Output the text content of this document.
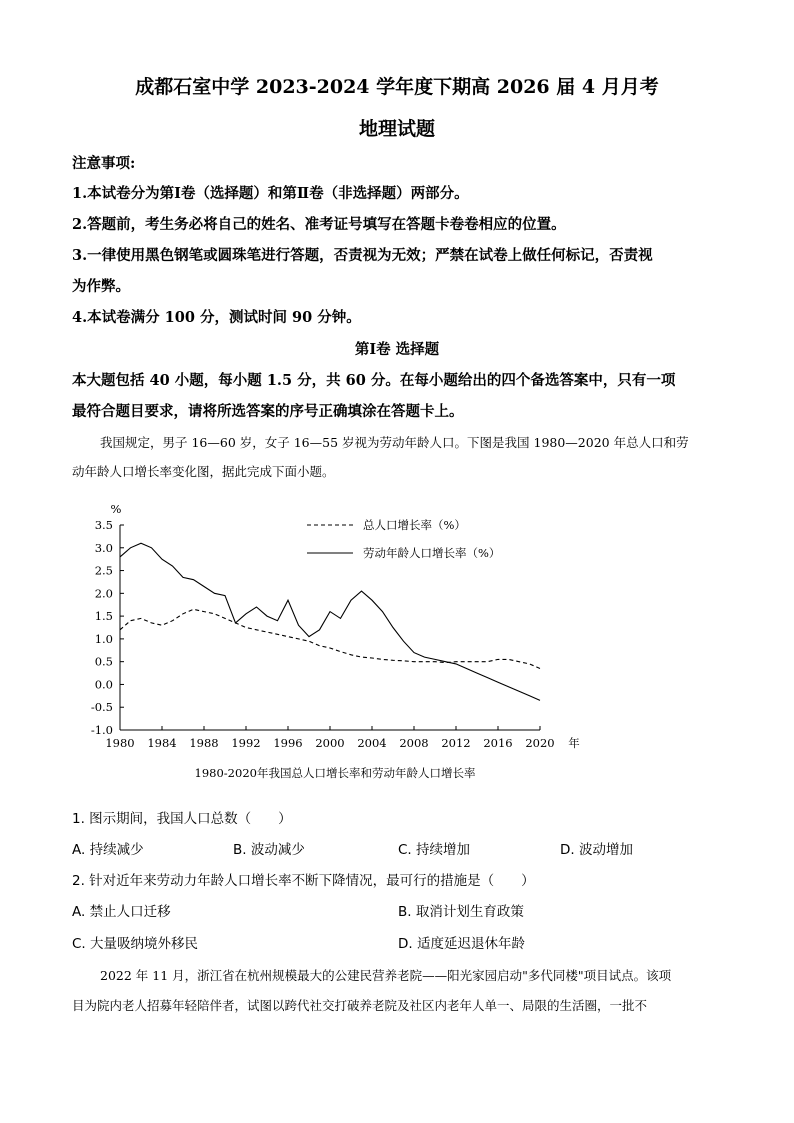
成都石室中学 2023-2024 学年度下期高 2026 届 4 月月考
地理试题
注意事项:
1.本试卷分为第Ⅰ卷（选择题）和第Ⅱ卷（非选择题）两部分。
2.答题前，考生务必将自己的姓名、准考证号填写在答题卡卷卷相应的位置。
3.一律使用黑色钢笔或圆珠笔进行答题，否责视为无效；严禁在试卷上做任何标记，否责视
为作弊。
4.本试卷满分 100 分，测试时间 90 分钟。
第Ⅰ卷 选择题
本大题包括 40 小题，每小题 1.5 分，共 60 分。在每小题给出的四个备选答案中，只有一项
最符合题目要求，请将所选答案的序号正确填涂在答题卡上。
我国规定，男子 16—60 岁，女子 16—55 岁视为劳动年龄人口。下图是我国 1980—2020 年总人口和劳
动年龄人口增长率变化图，据此完成下面小题。
3.5
3.0
2.5
2.0
1.5
1.0
0.5
0.0
-0.5
-1.0
1980 1984 1988 1992 1996 2000 2004 2008 2012 2016 2020
%
年
总人口增长率（%）
劳动年龄人口增长率（%）
1980-2020年我国总人口增长率和劳动年龄人口增长率
1. 图示期间，我国人口总数（　　）
A. 持续减少	B. 波动减少	C. 持续增加	D. 波动增加
2. 针对近年来劳动力年龄人口增长率不断下降情况，最可行的措施是（　　）
A. 禁止人口迁移	B. 取消计划生育政策
C. 大量吸纳境外移民	D. 适度延迟退休年龄
2022 年 11 月，浙江省在杭州规模最大的公建民营养老院——阳光家园启动"多代同楼"项目试点。该项
目为院内老人招募年轻陪伴者，试图以跨代社交打破养老院及社区内老年人单一、局限的生活圈，一批不
